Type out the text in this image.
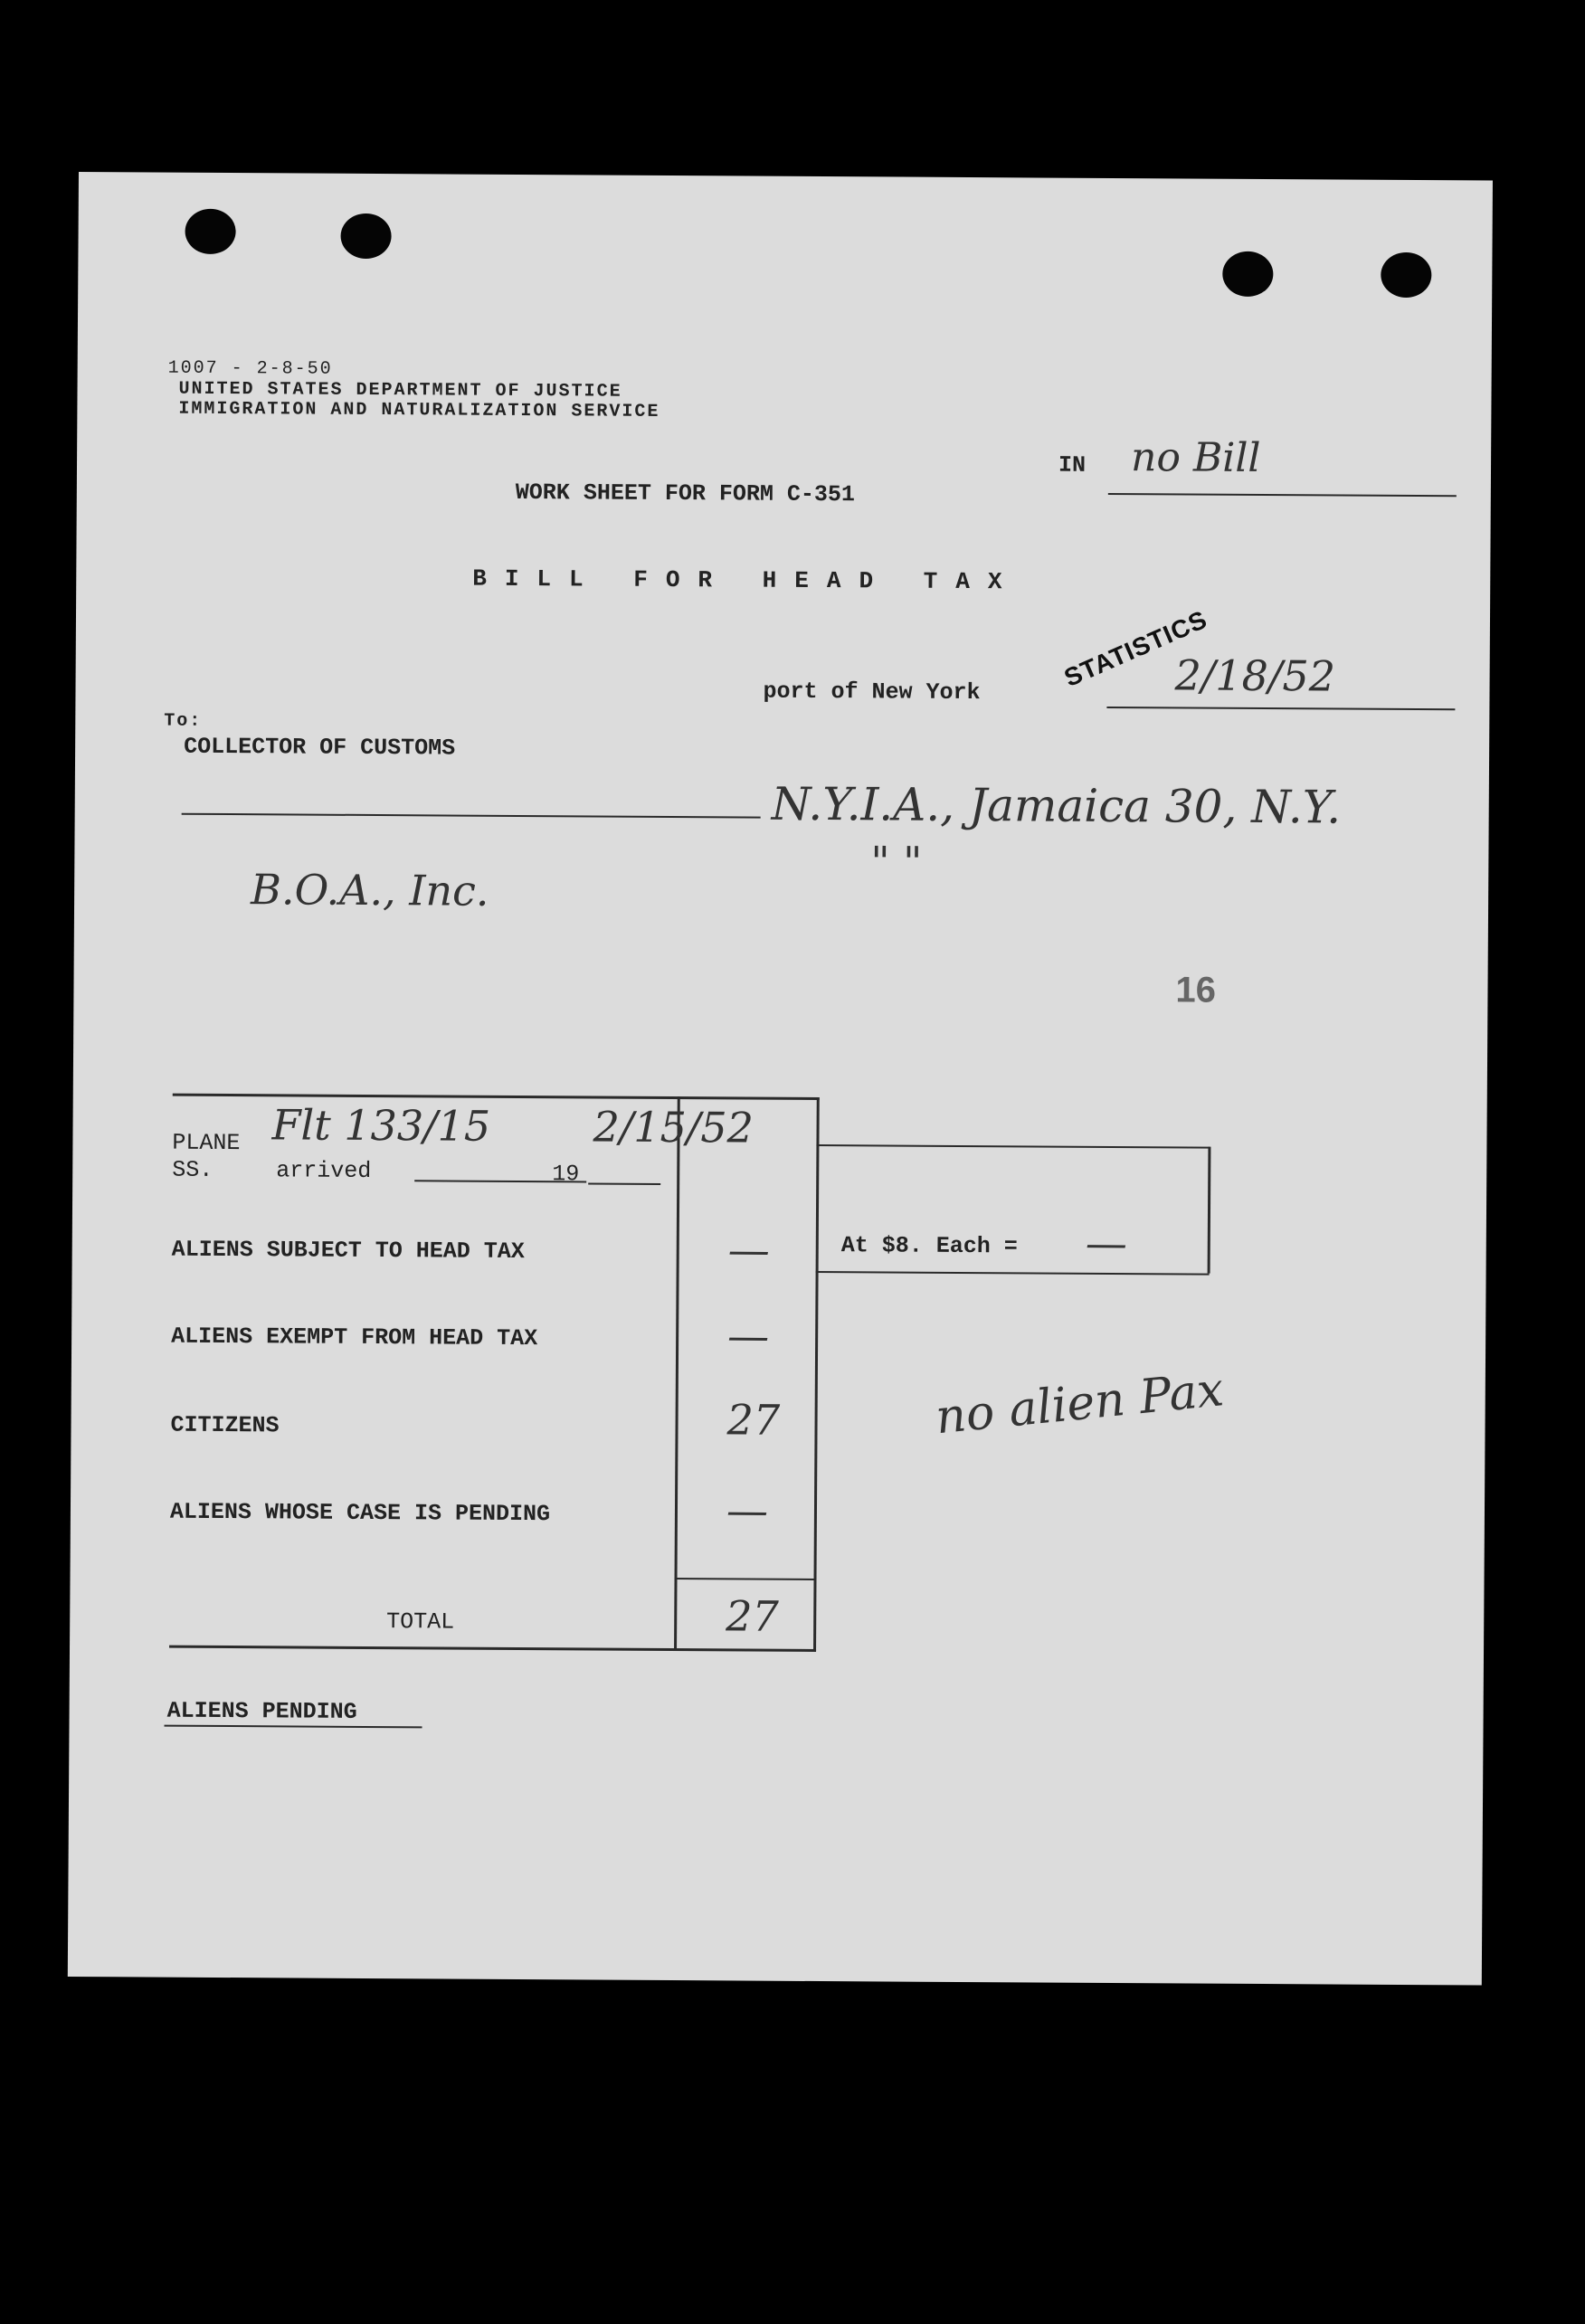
1007 - 2-8-50
UNITED STATES DEPARTMENT OF JUSTICE
IMMIGRATION AND NATURALIZATION SERVICE
WORK SHEET FOR FORM C-351
IN no Bill
STATISTICS
BILL FOR HEAD TAX
port of New York	2/18/52
To:
COLLECTOR OF CUSTOMS
N.Y.I.A., Jamaica 30, N.Y.
" "
B.O.A., Inc.
16
PLANE Flt 133/15 2/15/52
SS.	arrived	19
ALIENS SUBJECT TO HEAD TAX	—
ALIENS EXEMPT FROM HEAD TAX	—
CITIZENS	27
ALIENS WHOSE CASE IS PENDING	—
TOTAL	27
At $8. Each = —
no alien Pax
ALIENS PENDING
